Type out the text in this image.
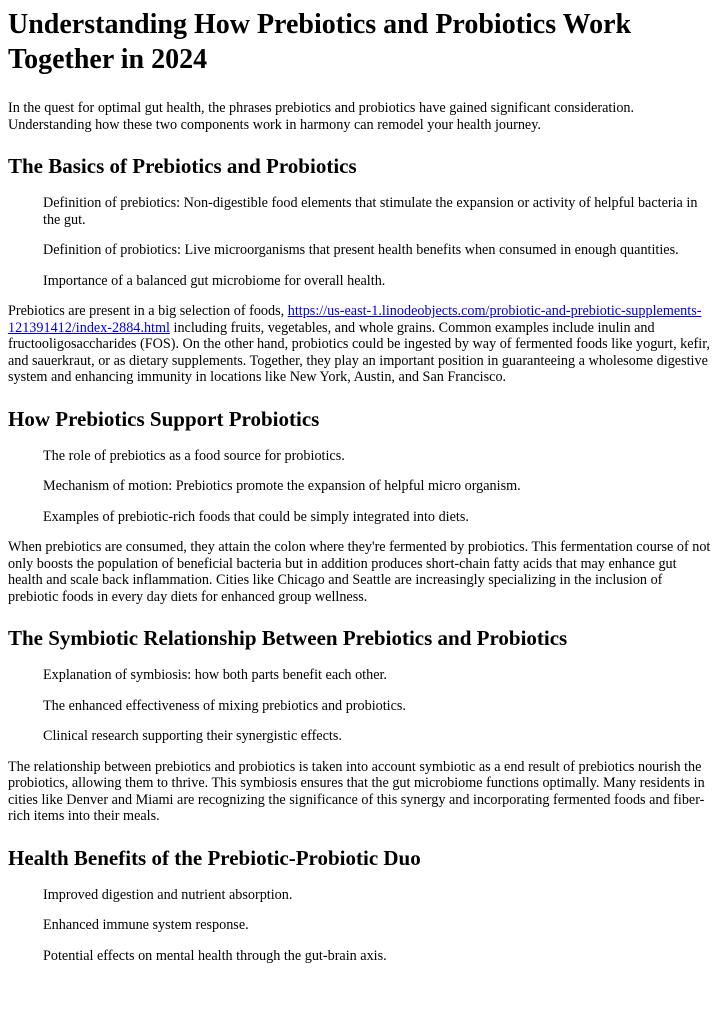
Understanding How Prebiotics and Probiotics Work Together in 2024

In the quest for optimal gut health, the phrases prebiotics and probiotics have gained significant consideration. Understanding how these two components work in harmony can remodel your health journey.

The Basics of Prebiotics and Probiotics
Definition of prebiotics: Non-digestible food elements that stimulate the expansion or activity of helpful bacteria in the gut.
Definition of probiotics: Live microorganisms that present health benefits when consumed in enough quantities.
Importance of a balanced gut microbiome for overall health.

Prebiotics are present in a big selection of foods, https://us-east-1.linodeobjects.com/probiotic-and-prebiotic-supplements-121391412/index-2884.html including fruits, vegetables, and whole grains. Common examples include inulin and fructooligosaccharides (FOS). On the other hand, probiotics could be ingested by way of fermented foods like yogurt, kefir, and sauerkraut, or as dietary supplements. Together, they play an important position in guaranteeing a wholesome digestive system and enhancing immunity in locations like New York, Austin, and San Francisco.

How Prebiotics Support Probiotics
The role of prebiotics as a food source for probiotics.
Mechanism of motion: Prebiotics promote the expansion of helpful micro organism.
Examples of prebiotic-rich foods that could be simply integrated into diets.

When prebiotics are consumed, they attain the colon where they're fermented by probiotics. This fermentation course of not only boosts the population of beneficial bacteria but in addition produces short-chain fatty acids that may enhance gut health and scale back inflammation. Cities like Chicago and Seattle are increasingly specializing in the inclusion of prebiotic foods in every day diets for enhanced group wellness.

The Symbiotic Relationship Between Prebiotics and Probiotics
Explanation of symbiosis: how both parts benefit each other.
The enhanced effectiveness of mixing prebiotics and probiotics.
Clinical research supporting their synergistic effects.

The relationship between prebiotics and probiotics is taken into account symbiotic as a end result of prebiotics nourish the probiotics, allowing them to thrive. This symbiosis ensures that the gut microbiome functions optimally. Many residents in cities like Denver and Miami are recognizing the significance of this synergy and incorporating fermented foods and fiber-rich items into their meals.

Health Benefits of the Prebiotic-Probiotic Duo
Improved digestion and nutrient absorption.
Enhanced immune system response.
Potential effects on mental health through the gut-brain axis.
